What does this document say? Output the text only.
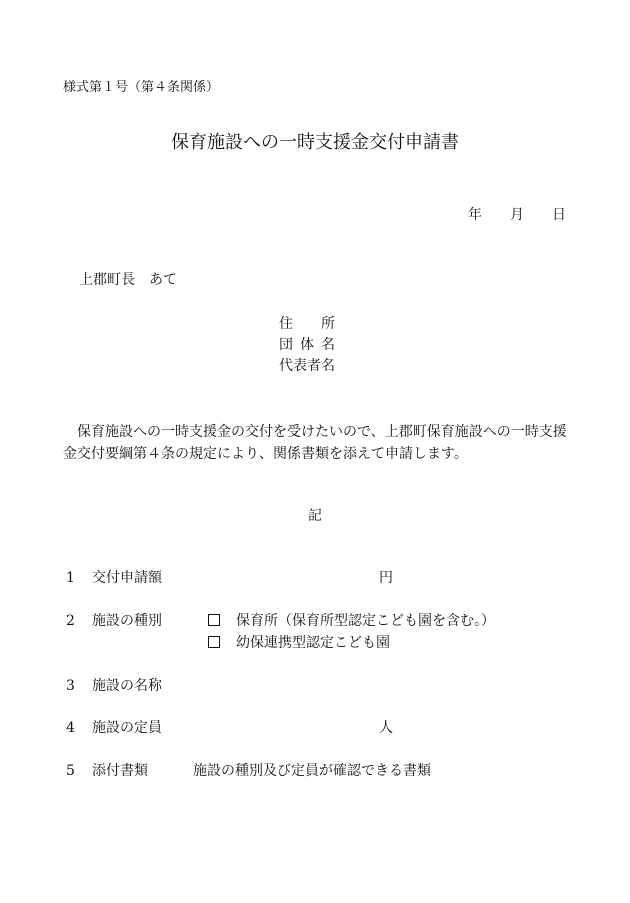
様式第１号（第４条関係）
保育施設への一時支援金交付申請書
年 月 日
上郡町長　あて
住 所
団 体 名
代表者名
保育施設への一時支援金の交付を受けたいので、上郡町保育施設への一時支援金交付要綱第４条の規定により、関係書類を添えて申請します。
記
1 交付申請額	円
2 施設の種別	保育所（保育所型認定こども園を含む。）
幼保連携型認定こども園
3 施設の名称
4 施設の定員	人
5 添付書類	施設の種別及び定員が確認できる書類
